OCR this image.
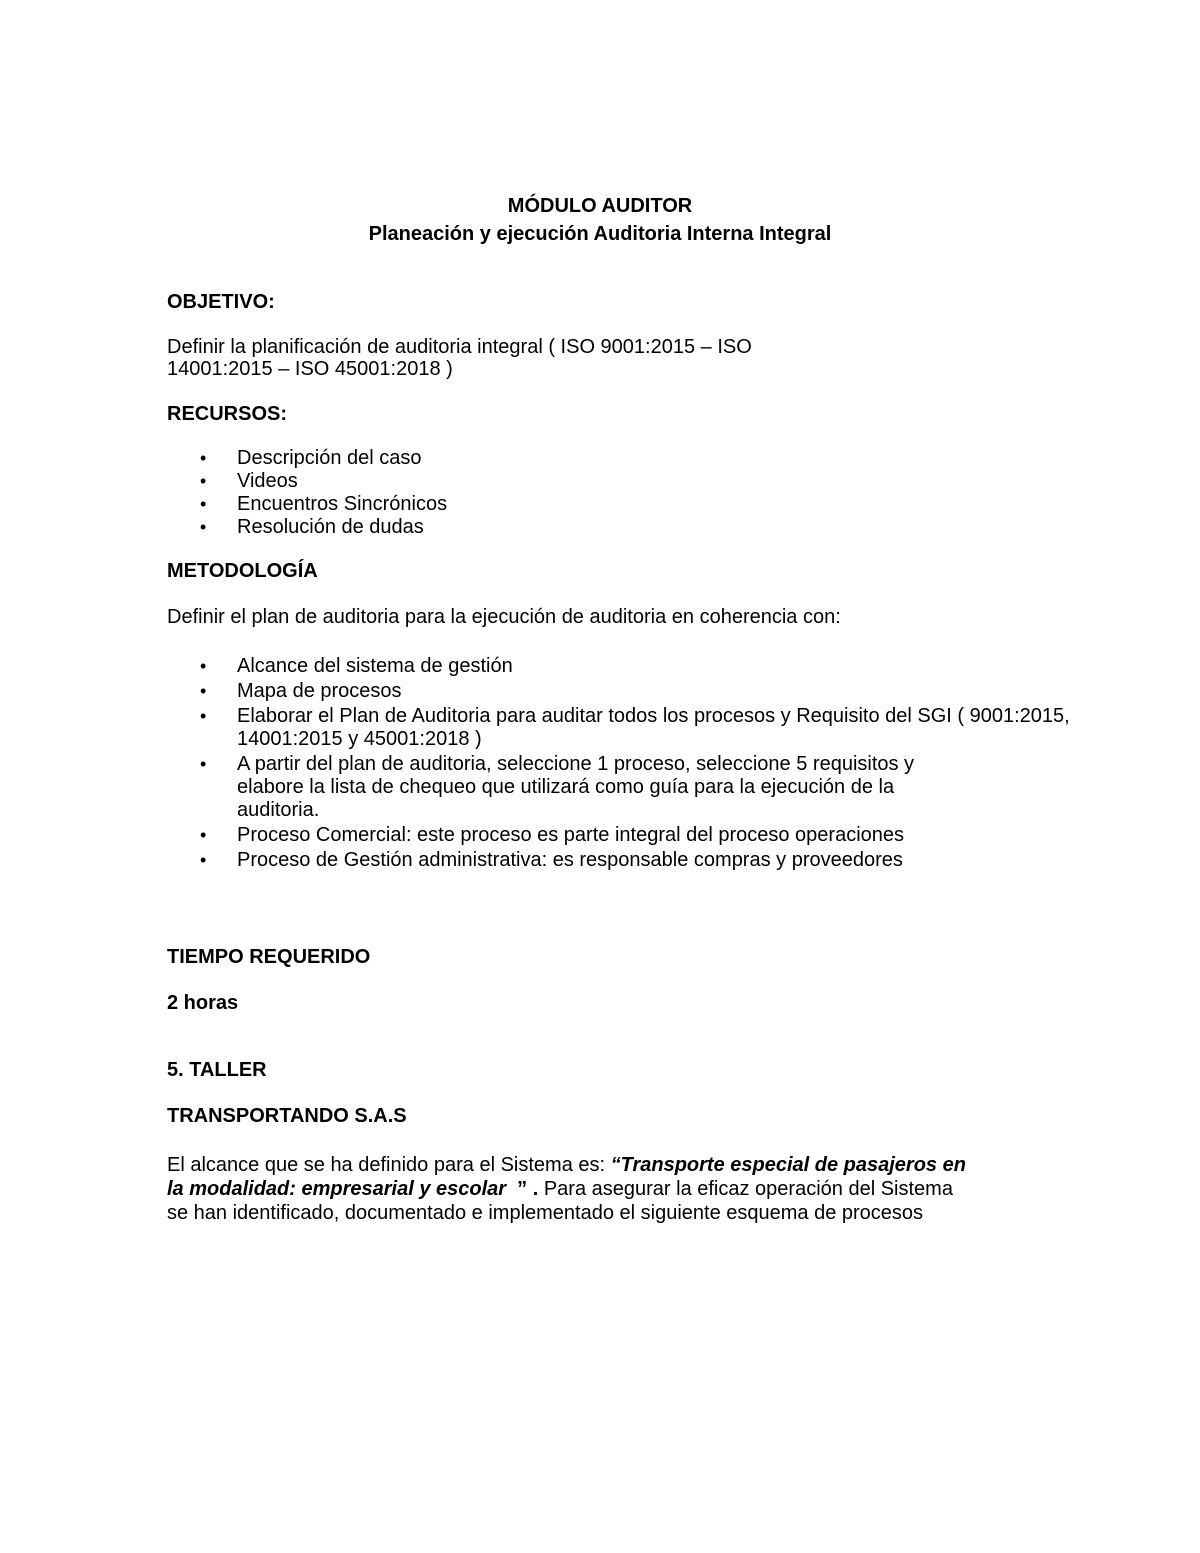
MÓDULO AUDITOR
Planeación y ejecución Auditoria Interna Integral
OBJETIVO:
Definir la planificación de auditoria integral ( ISO 9001:2015 – ISO
14001:2015 – ISO 45001:2018 )
RECURSOS:
• Descripción del caso
• Videos
• Encuentros Sincrónicos
• Resolución de dudas
METODOLOGÍA
Definir el plan de auditoria para la ejecución de auditoria en coherencia con:
• Alcance del sistema de gestión
• Mapa de procesos
• Elaborar el Plan de Auditoria para auditar todos los procesos y Requisito del SGI ( 9001:2015,
14001:2015 y 45001:2018 )
• A partir del plan de auditoria, seleccione 1 proceso, seleccione 5 requisitos y
elabore la lista de chequeo que utilizará como guía para la ejecución de la
auditoria.
• Proceso Comercial: este proceso es parte integral del proceso operaciones
• Proceso de Gestión administrativa: es responsable compras y proveedores
TIEMPO REQUERIDO
2 horas
5. TALLER
TRANSPORTANDO S.A.S
El alcance que se ha definido para el Sistema es: “Transporte especial de pasajeros en
la modalidad: empresarial y escolar  ” . Para asegurar la eficaz operación del Sistema
se han identificado, documentado e implementado el siguiente esquema de procesos
